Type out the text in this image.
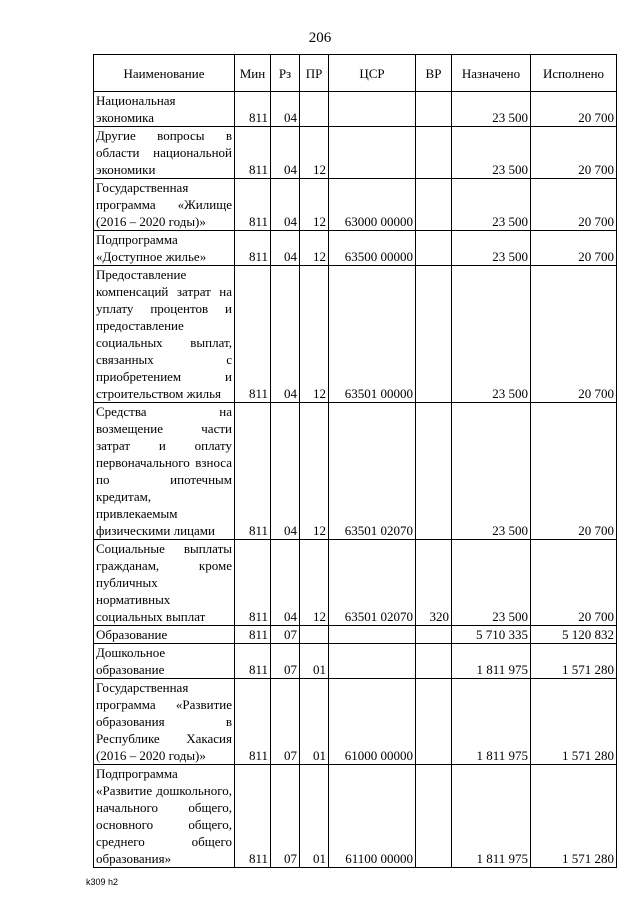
206
Наименование	Мин	Рз	ПР	ЦСР	ВР	Назначено	Исполнено
Национальная экономика	811	04				23 500	20 700
Другие вопросы в области национальной экономики	811	04	12			23 500	20 700
Государственная программа «Жилище (2016 – 2020 годы)»	811	04	12	63000 00000		23 500	20 700
Подпрограмма «Доступное жилье»	811	04	12	63500 00000		23 500	20 700
Предоставление компенсаций затрат на уплату процентов и предоставление социальных выплат, связанных с приобретением и строительством жилья	811	04	12	63501 00000		23 500	20 700
Средства на возмещение части затрат и оплату первоначального взноса по ипотечным кредитам, привлекаемым физическими лицами	811	04	12	63501 02070		23 500	20 700
Социальные выплаты гражданам, кроме публичных нормативных социальных выплат	811	04	12	63501 02070	320	23 500	20 700
Образование	811	07				5 710 335	5 120 832
Дошкольное образование	811	07	01			1 811 975	1 571 280
Государственная программа «Развитие образования в Республике Хакасия (2016 – 2020 годы)»	811	07	01	61000 00000		1 811 975	1 571 280
Подпрограмма «Развитие дошкольного, начального общего, основного общего, среднего общего образования»	811	07	01	61100 00000		1 811 975	1 571 280
k309 h2
